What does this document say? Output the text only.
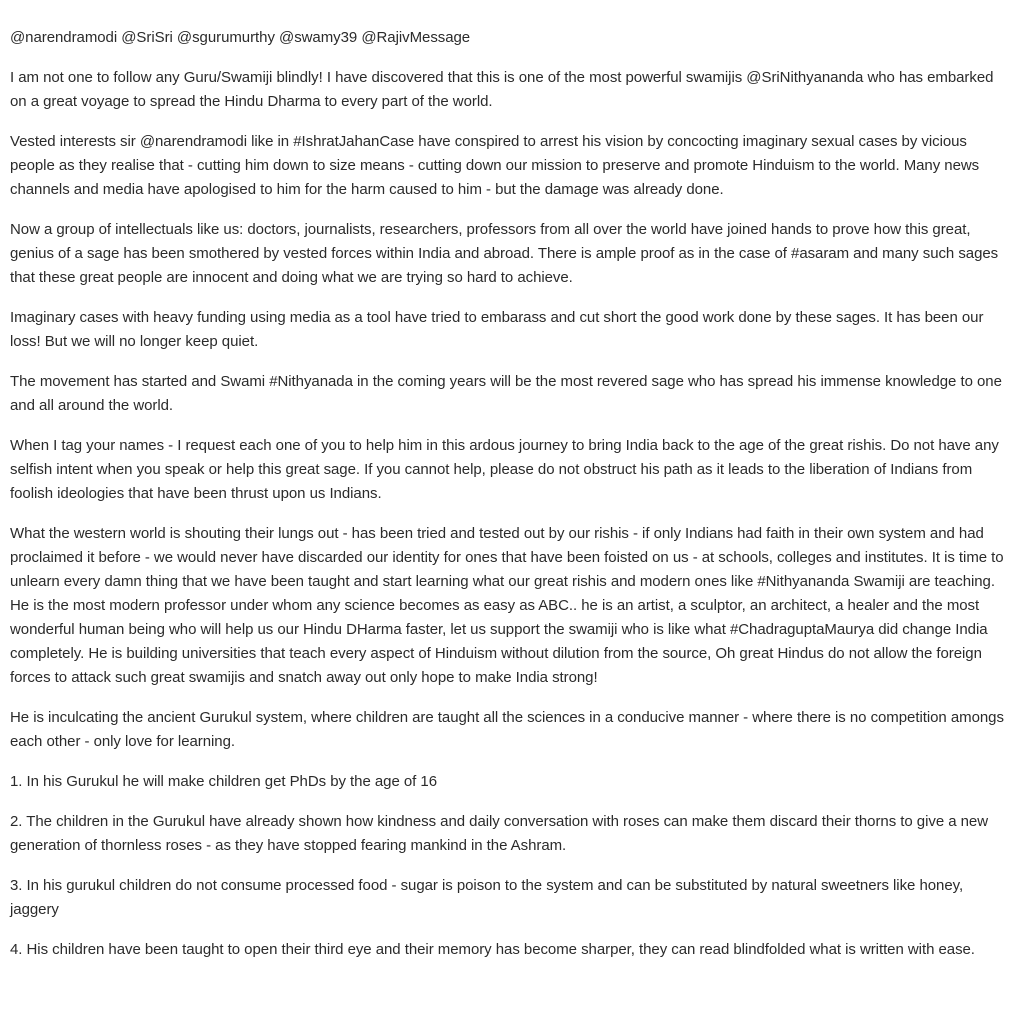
@narendramodi @SriSri @sgurumurthy @swamy39 @RajivMessage

I am not one to follow any Guru/Swamiji blindly! I have discovered that this is one of the most powerful swamijis @SriNithyananda who has embarked on a great voyage to spread the Hindu Dharma to every part of the world.

Vested interests sir @narendramodi like in #IshratJahanCase have conspired to arrest his vision by concocting imaginary sexual cases by vicious people as they realise that - cutting him down to size means - cutting down our mission to preserve and promote Hinduism to the world. Many news channels and media have apologised to him for the harm caused to him - but the damage was already done.

Now a group of intellectuals like us: doctors, journalists, researchers, professors from all over the world have joined hands to prove how this great, genius of a sage has been smothered by vested forces within India and abroad. There is ample proof as in the case of #asaram and many such sages that these great people are innocent and doing what we are trying so hard to achieve.

Imaginary cases with heavy funding using media as a tool have tried to embarass and cut short the good work done by these sages. It has been our loss! But we will no longer keep quiet.

The movement has started and Swami #Nithyanada in the coming years will be the most revered sage who has spread his immense knowledge to one and all around the world.

When I tag your names - I request each one of you to help him in this ardous journey to bring India back to the age of the great rishis. Do not have any selfish intent when you speak or help this great sage. If you cannot help, please do not obstruct his path as it leads to the liberation of Indians from foolish ideologies that have been thrust upon us Indians.

What the western world is shouting their lungs out - has been tried and tested out by our rishis - if only Indians had faith in their own system and had proclaimed it before - we would never have discarded our identity for ones that have been foisted on us - at schools, colleges and institutes. It is time to unlearn every damn thing that we have been taught and start learning what our great rishis and modern ones like #Nithyananda Swamiji are teaching. He is the most modern professor under whom any science becomes as easy as ABC.. he is an artist, a sculptor, an architect, a healer and the most wonderful human being who will help us our Hindu DHarma faster, let us support the swamiji who is like what #ChadraguptaMaurya did change India completely. He is building universities that teach every aspect of Hinduism without dilution from the source, Oh great Hindus do not allow the foreign forces to attack such great swamijis and snatch away out only hope to make India strong!

He is inculcating the ancient Gurukul system, where children are taught all the sciences in a conducive manner - where there is no competition amongs each other - only love for learning.

1. In his Gurukul he will make children get PhDs by the age of 16

2. The children in the Gurukul have already shown how kindness and daily conversation with roses can make them discard their thorns to give a new generation of thornless roses - as they have stopped fearing mankind in the Ashram.

3. In his gurukul children do not consume processed food - sugar is poison to the system and can be substituted by natural sweetners like honey, jaggery

4. His children have been taught to open their third eye and their memory has become sharper, they can read blindfolded what is written with ease.
